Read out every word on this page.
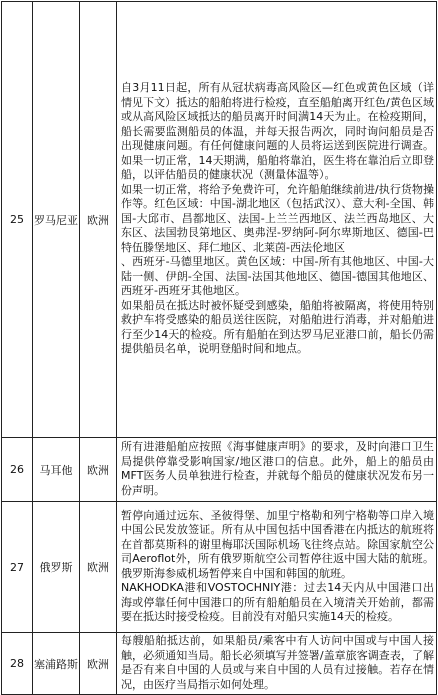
25	罗马尼亚	欧洲	自3月11日起，所有从冠状病毒高风险区—红色或黄色区域（详情见下文）抵达的船舶将进行检疫，直至船舶离开红色/黄色区域或从高风险区域抵达的船员离开时间满14天为止。在检疫期间，船长需要监测船员的体温，并每天报告两次，同时询问船员是否出现健康问题。有任何健康问题的人员将运送到医院进行调查。如果一切正常，14天期满，船舶将靠泊，医生将在靠泊后立即登船，以评估船员的健康状况（测量体温等）。

如果一切正常，将给予免费许可，允许船舶继续前进/执行货物操作等。红色区域：中国-湖北地区（包括武汉）、意大利-全国、韩国-大邱市、昌都地区、法国-上兰兰西地区、法兰西岛地区、大东区、法国勃艮第地区、奥弗涅-罗纳阿-阿尔卑斯地区、德国-巴特伍滕堡地区、拜仁地区、北莱茵-西法伦地区

、西班牙-马德里地区。黄色区域：中国-所有其他地区、中国-大陆一侧、伊朗-全国、法国-法国其他地区、德国-德国其他地区、西班牙-西班牙其他地区。

如果船员在抵达时被怀疑受到感染，船舶将被隔离，将使用特别救护车将受感染的船员送往医院，对船舶进行消毒，并对船舶进行至少14天的检疫。所有船舶在到达罗马尼亚港口前，船长仍需提供船员名单，说明登船时间和地点。

26	马耳他	欧洲	所有进港船舶应按照《海事健康声明》的要求，及时向港口卫生局提供停靠受影响国家/地区港口的信息。此外，船上的船员由MFT医务人员单独进行检查，并就每个船员的健康状况发布另一份声明。

27	俄罗斯	欧洲	暂停向通过远东、圣彼得堡、加里宁格勒和列宁格勒等口岸入境中国公民发放签证。所有从中国包括中国香港在内抵达的航班将在首都莫斯科的谢里梅耶沃国际机场飞往终点站。除国家航空公司Aeroflot外，所有俄罗斯航空公司暂停往返中国大陆的航班。俄罗斯海参威机场暂停来自中国和韩国的航班。

NAKHODKA港和VOSTOCHNIY港：过去14天内从中国港口出海或停靠任何中国港口的所有船舶船员在入境清关开始前，都需要在抵达时接受检疫。目前没有对船只实施14天的检疫。

28	塞浦路斯	欧洲	每艘船舶抵达前，如果船员/乘客中有人访问中国或与中国人接触，必须通知当局。船长必须填写并签署/盖章旅客调查表，了解是否有来自中国的人员或与来自中国的人员有过接触。若存在情况，由医疗当局指示如何处理。
